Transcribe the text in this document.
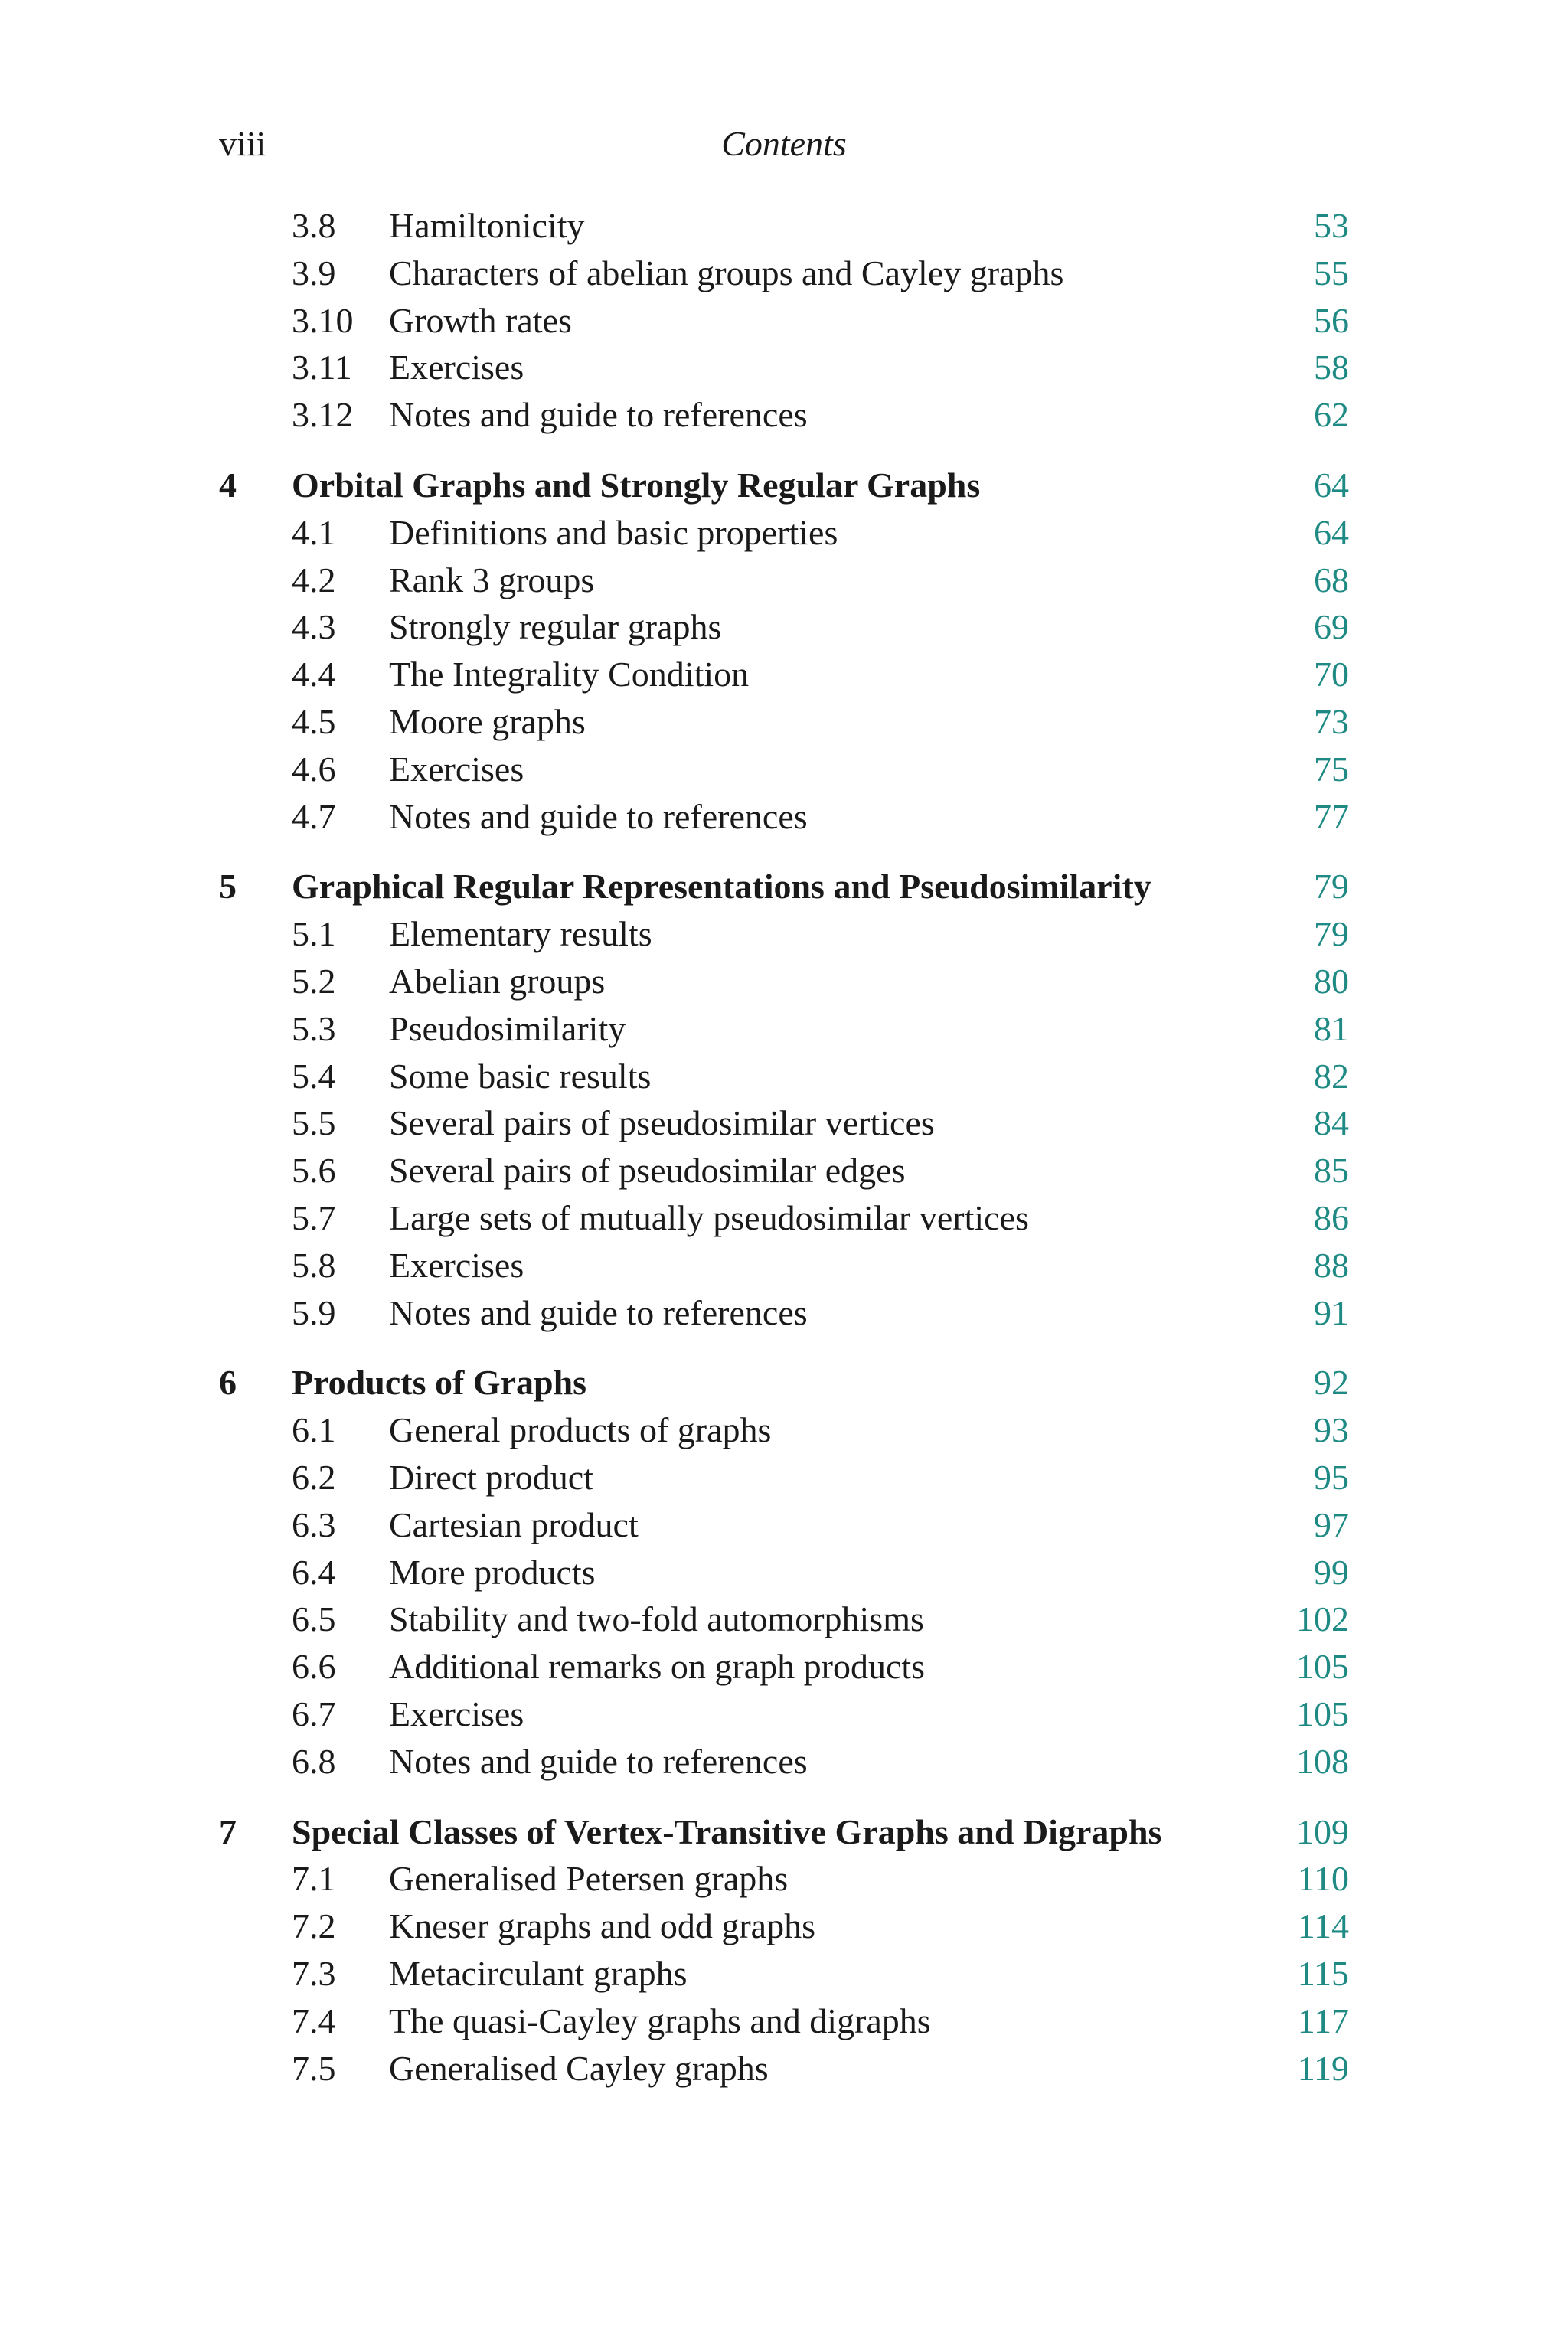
viii	Contents
3.8 Hamiltonicity	53
3.9 Characters of abelian groups and Cayley graphs	55
3.10 Growth rates	56
3.11 Exercises	58
3.12 Notes and guide to references	62
4 Orbital Graphs and Strongly Regular Graphs	64
4.1 Definitions and basic properties	64
4.2 Rank 3 groups	68
4.3 Strongly regular graphs	69
4.4 The Integrality Condition	70
4.5 Moore graphs	73
4.6 Exercises	75
4.7 Notes and guide to references	77
5 Graphical Regular Representations and Pseudosimilarity	79
5.1 Elementary results	79
5.2 Abelian groups	80
5.3 Pseudosimilarity	81
5.4 Some basic results	82
5.5 Several pairs of pseudosimilar vertices	84
5.6 Several pairs of pseudosimilar edges	85
5.7 Large sets of mutually pseudosimilar vertices	86
5.8 Exercises	88
5.9 Notes and guide to references	91
6 Products of Graphs	92
6.1 General products of graphs	93
6.2 Direct product	95
6.3 Cartesian product	97
6.4 More products	99
6.5 Stability and two-fold automorphisms	102
6.6 Additional remarks on graph products	105
6.7 Exercises	105
6.8 Notes and guide to references	108
7 Special Classes of Vertex-Transitive Graphs and Digraphs	109
7.1 Generalised Petersen graphs	110
7.2 Kneser graphs and odd graphs	114
7.3 Metacirculant graphs	115
7.4 The quasi-Cayley graphs and digraphs	117
7.5 Generalised Cayley graphs	119
